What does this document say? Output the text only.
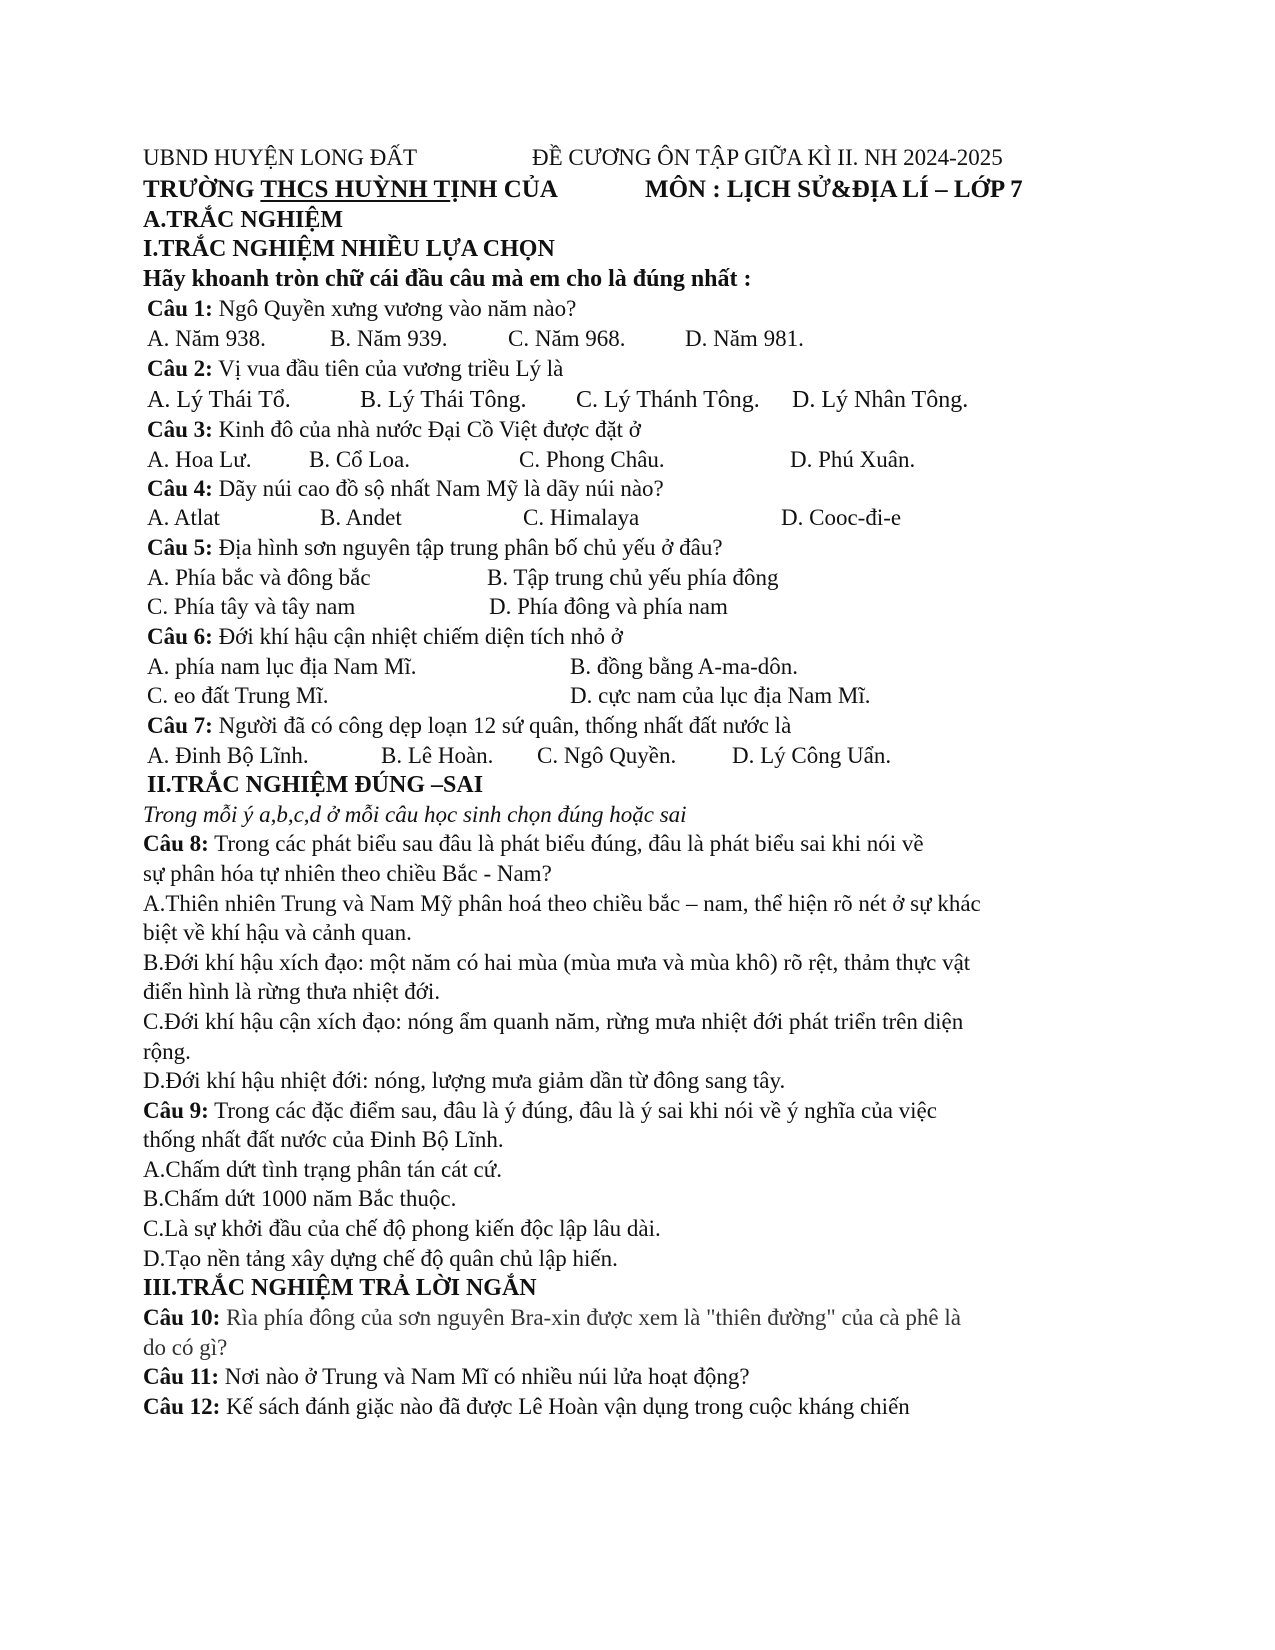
UBND HUYỆN LONG ĐẤT	ĐỀ CƯƠNG ÔN TẬP GIỮA KÌ II. NH 2024-2025
TRƯỜNG THCS HUỲNH TỊNH CỦA	MÔN : LỊCH SỬ&ĐỊA LÍ – LỚP 7
A.TRẮC NGHIỆM
I.TRẮC NGHIỆM NHIỀU LỰA CHỌN
Hãy khoanh tròn chữ cái đầu câu mà em cho là đúng nhất :
Câu 1: Ngô Quyền xưng vương vào năm nào?
A. Năm 938.	B. Năm 939.	C. Năm 968.	D. Năm 981.
Câu 2: Vị vua đầu tiên của vương triều Lý là
A. Lý Thái Tổ.	B. Lý Thái Tông. C. Lý Thánh Tông. D. Lý Nhân Tông.
Câu 3: Kinh đô của nhà nước Đại Cồ Việt được đặt ở
A. Hoa Lư.	B. Cổ Loa.	C. Phong Châu.	D. Phú Xuân.
Câu 4: Dãy núi cao đồ sộ nhất Nam Mỹ là dãy núi nào?
A. Atlat	B. Andet	C. Himalaya	D. Cooc-đi-e
Câu 5: Địa hình sơn nguyên tập trung phân bố chủ yếu ở đâu?
A. Phía bắc và đông bắc	B. Tập trung chủ yếu phía đông
C. Phía tây và tây nam	D. Phía đông và phía nam
Câu 6: Đới khí hậu cận nhiệt chiếm diện tích nhỏ ở
A. phía nam lục địa Nam Mĩ.	B. đồng bằng A-ma-dôn.
C. eo đất Trung Mĩ.	D. cực nam của lục địa Nam Mĩ.
Câu 7: Người đã có công dẹp loạn 12 sứ quân, thống nhất đất nước là
A. Đinh Bộ Lĩnh.	B. Lê Hoàn. C. Ngô Quyền. D. Lý Công Uẩn.
II.TRẮC NGHIỆM ĐÚNG –SAI
Trong mỗi ý a,b,c,d ở mỗi câu học sinh chọn đúng hoặc sai
Câu 8: Trong các phát biểu sau đâu là phát biểu đúng, đâu là phát biểu sai khi nói về
sự phân hóa tự nhiên theo chiều Bắc - Nam?
A.Thiên nhiên Trung và Nam Mỹ phân hoá theo chiều bắc – nam, thể hiện rõ nét ở sự khác
biệt về khí hậu và cảnh quan.
B.Đới khí hậu xích đạo: một năm có hai mùa (mùa mưa và mùa khô) rõ rệt, thảm thực vật
điển hình là rừng thưa nhiệt đới.
C.Đới khí hậu cận xích đạo: nóng ẩm quanh năm, rừng mưa nhiệt đới phát triển trên diện
rộng.
D.Đới khí hậu nhiệt đới: nóng, lượng mưa giảm dần từ đông sang tây.
Câu 9: Trong các đặc điểm sau, đâu là ý đúng, đâu là ý sai khi nói về ý nghĩa của việc
thống nhất đất nước của Đinh Bộ Lĩnh.
A.Chấm dứt tình trạng phân tán cát cứ.
B.Chấm dứt 1000 năm Bắc thuộc.
C.Là sự khởi đầu của chế độ phong kiến độc lập lâu dài.
D.Tạo nền tảng xây dựng chế độ quân chủ lập hiến.
III.TRẮC NGHIỆM TRẢ LỜI NGẮN
Câu 10: Rìa phía đông của sơn nguyên Bra-xin được xem là "thiên đường" của cà phê là
do có gì?
Câu 11: Nơi nào ở Trung và Nam Mĩ có nhiều núi lửa hoạt động?
Câu 12: Kế sách đánh giặc nào đã được Lê Hoàn vận dụng trong cuộc kháng chiến
